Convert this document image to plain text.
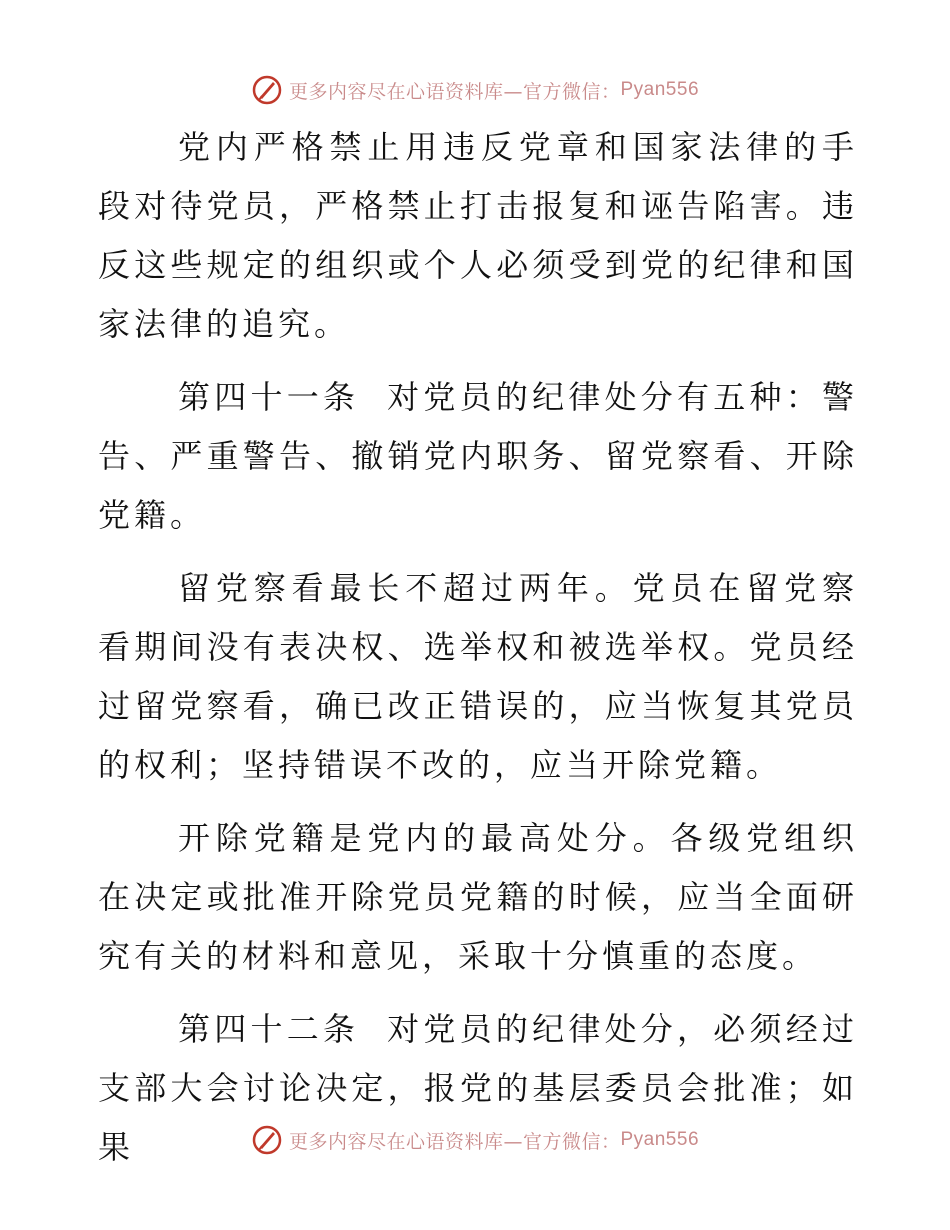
更多内容尽在心语资料库—官方微信： Pyan556

党内严格禁止用违反党章和国家法律的手段对待党员，严格禁止打击报复和诬告陷害。违反这些规定的组织或个人必须受到党的纪律和国家法律的追究。

第四十一条 对党员的纪律处分有五种：警告、严重警告、撤销党内职务、留党察看、开除党籍。

留党察看最长不超过两年。党员在留党察看期间没有表决权、选举权和被选举权。党员经过留党察看，确已改正错误的，应当恢复其党员的权利；坚持错误不改的，应当开除党籍。

开除党籍是党内的最高处分。各级党组织在决定或批准开除党员党籍的时候，应当全面研究有关的材料和意见，采取十分慎重的态度。

第四十二条 对党员的纪律处分，必须经过支部大会讨论决定，报党的基层委员会批准；如果	更多内容尽在心语资料库—官方微信： Pyan556
